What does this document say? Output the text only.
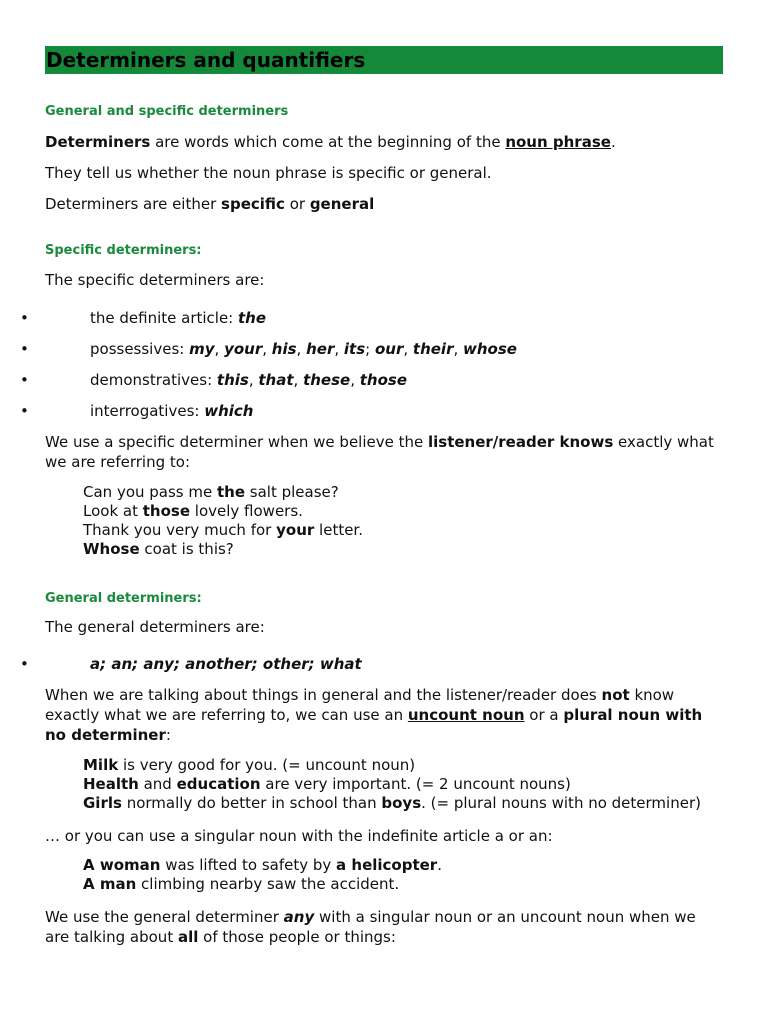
Determiners and quantifiers
General and specific determiners
Determiners are words which come at the beginning of the noun phrase.
They tell us whether the noun phrase is specific or general.
Determiners are either specific or general
Specific determiners:
The specific determiners are:
•	the definite article: the
•	possessives: my, your, his, her, its; our, their, whose
•	demonstratives: this, that, these, those
•	interrogatives: which
We use a specific determiner when we believe the listener/reader knows exactly what
we are referring to:
Can you pass me the salt please?
Look at those lovely flowers.
Thank you very much for your letter.
Whose coat is this?
General determiners:
The general determiners are:
•	a; an; any; another; other; what
When we are talking about things in general and the listener/reader does not know
exactly what we are referring to, we can use an uncount noun or a plural noun with
no determiner:
Milk is very good for you. (= uncount noun)
Health and education are very important. (= 2 uncount nouns)
Girls normally do better in school than boys. (= plural nouns with no determiner)
… or you can use a singular noun with the indefinite article a or an:
A woman was lifted to safety by a helicopter.
A man climbing nearby saw the accident.
We use the general determiner any with a singular noun or an uncount noun when we
are talking about all of those people or things:
